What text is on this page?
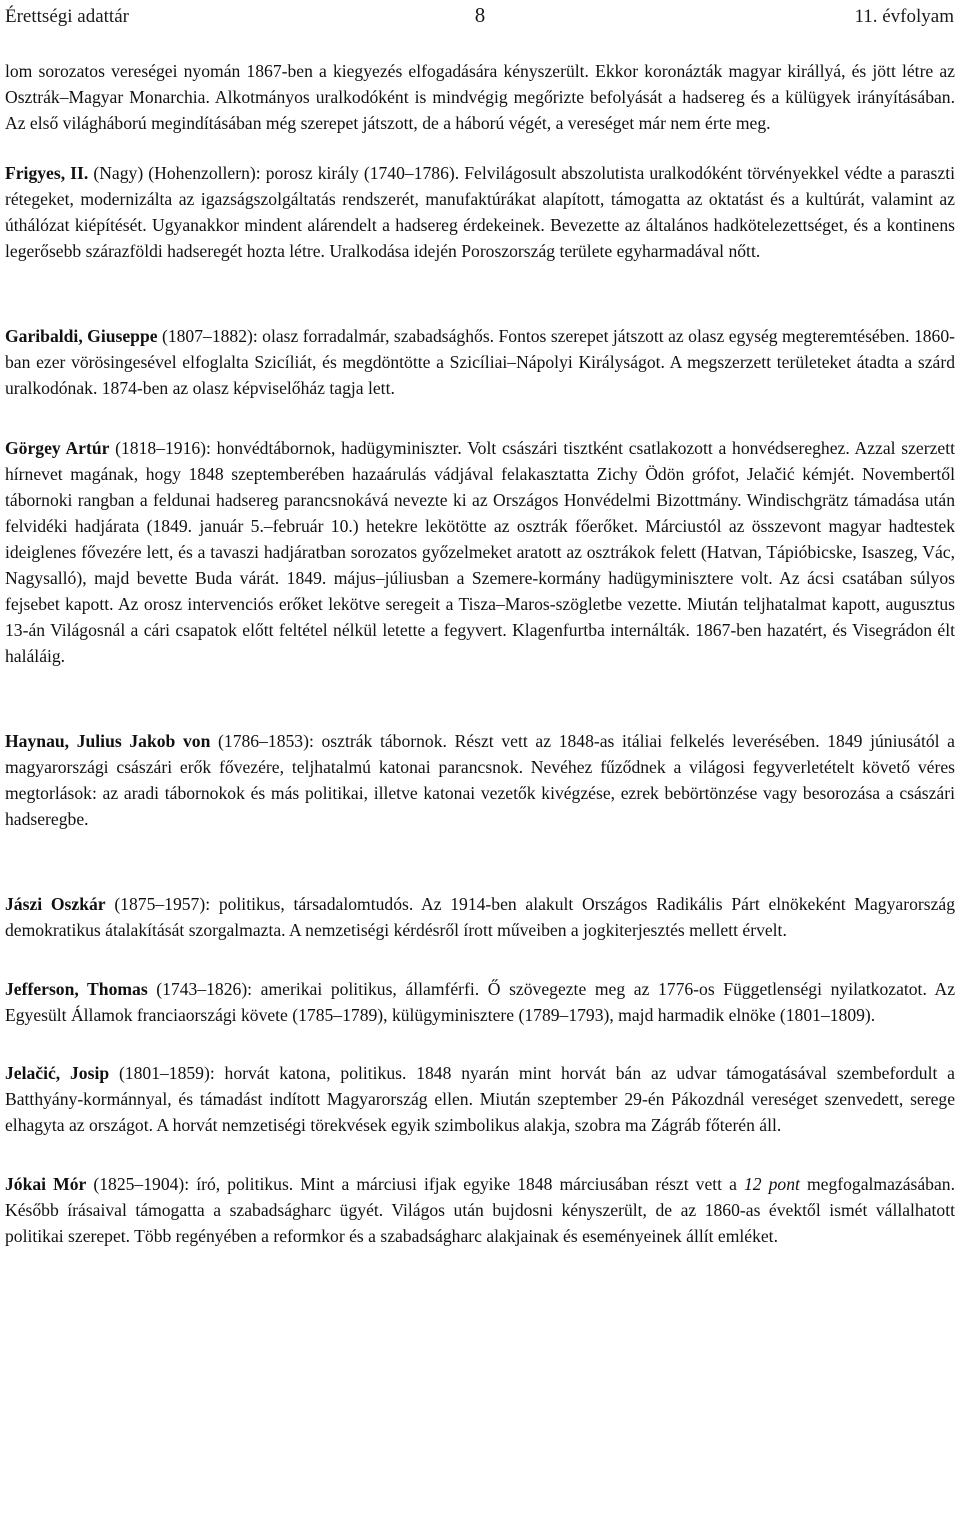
Érettségi adattár	8	11. évfolyam

lom sorozatos vereségei nyomán 1867-ben a kiegyezés elfogadására kényszerült. Ekkor koronázták magyar királlyá, és jött létre az Osztrák–Magyar Monarchia. Alkotmányos uralkodóként is mindvégig megőrizte befolyását a hadsereg és a külügyek irányításában. Az első világháború megindításában még szerepet játszott, de a háború végét, a vereséget már nem érte meg.

Frigyes, II. (Nagy) (Hohenzollern): porosz király (1740–1786). Felvilágosult abszolutista uralkodóként törvényekkel védte a paraszti rétegeket, modernizálta az igazságszolgáltatás rendszerét, manufaktúrákat alapított, támogatta az oktatást és a kultúrát, valamint az úthálózat kiépítését. Ugyanakkor mindent alárendelt a hadsereg érdekeinek. Bevezette az általános hadkötelezettséget, és a kontinens legerősebb szárazföldi hadseregét hozta létre. Uralkodása idején Poroszország területe egyharmadával nőtt.

Garibaldi, Giuseppe (1807–1882): olasz forradalmár, szabadsághős. Fontos szerepet játszott az olasz egység megteremtésében. 1860-ban ezer vörösingesével elfoglalta Szicíliát, és megdöntötte a Szicíliai–Nápolyi Királyságot. A megszerzett területeket átadta a szárd uralkodónak. 1874-ben az olasz képviselőház tagja lett.

Görgey Artúr (1818–1916): honvédtábornok, hadügyminiszter. Volt császári tisztként csatlakozott a honvédsereghez. Azzal szerzett hírnevet magának, hogy 1848 szeptemberében hazaárulás vádjával felakasztatta Zichy Ödön grófot, Jelačić kémjét. Novembertől tábornoki rangban a feldunai hadsereg parancsnokává nevezte ki az Országos Honvédelmi Bizottmány. Windischgrätz támadása után felvidéki hadjárata (1849. január 5.–február 10.) hetekre lekötötte az osztrák főerőket. Márciustól az összevont magyar hadtestek ideiglenes fővezére lett, és a tavaszi hadjáratban sorozatos győzelmeket aratott az osztrákok felett (Hatvan, Tápióbicske, Isaszeg, Vác, Nagysalló), majd bevette Buda várát. 1849. május–júliusban a Szemere-kormány hadügyminisztere volt. Az ácsi csatában súlyos fejsebet kapott. Az orosz intervenciós erőket lekötve seregeit a Tisza–Maros-szögletbe vezette. Miután teljhatalmat kapott, augusztus 13-án Világosnál a cári csapatok előtt feltétel nélkül letette a fegyvert. Klagenfurtba internálták. 1867-ben hazatért, és Visegrádon élt haláláig.

Haynau, Julius Jakob von (1786–1853): osztrák tábornok. Részt vett az 1848-as itáliai felkelés leverésében. 1849 júniusától a magyarországi császári erők fővezére, teljhatalmú katonai parancsnok. Nevéhez fűződnek a világosi fegyverletételt követő véres megtorlások: az aradi tábornokok és más politikai, illetve katonai vezetők kivégzése, ezrek bebörtönzése vagy besorozása a császári hadseregbe.

Jászi Oszkár (1875–1957): politikus, társadalomtudós. Az 1914-ben alakult Országos Radikális Párt elnökeként Magyarország demokratikus átalakítását szorgalmazta. A nemzetiségi kérdésről írott műveiben a jogkiterjesztés mellett érvelt.

Jefferson, Thomas (1743–1826): amerikai politikus, államférfi. Ő szövegezte meg az 1776-os Függetlenségi nyilatkozatot. Az Egyesült Államok franciaországi követe (1785–1789), külügyminisztere (1789–1793), majd harmadik elnöke (1801–1809).

Jelačić, Josip (1801–1859): horvát katona, politikus. 1848 nyarán mint horvát bán az udvar támogatásával szembefordult a Batthyány-kormánnyal, és támadást indított Magyarország ellen. Miután szeptember 29-én Pákozdnál vereséget szenvedett, serege elhagyta az országot. A horvát nemzetiségi törekvések egyik szimbolikus alakja, szobra ma Zágráb főterén áll.

Jókai Mór (1825–1904): író, politikus. Mint a márciusi ifjak egyike 1848 márciusában részt vett a 12 pont megfogalmazásában. Később írásaival támogatta a szabadságharc ügyét. Világos után bujdosni kényszerült, de az 1860-as évektől ismét vállalhatott politikai szerepet. Több regényében a reformkor és a szabadságharc alakjainak és eseményeinek állít emléket.
